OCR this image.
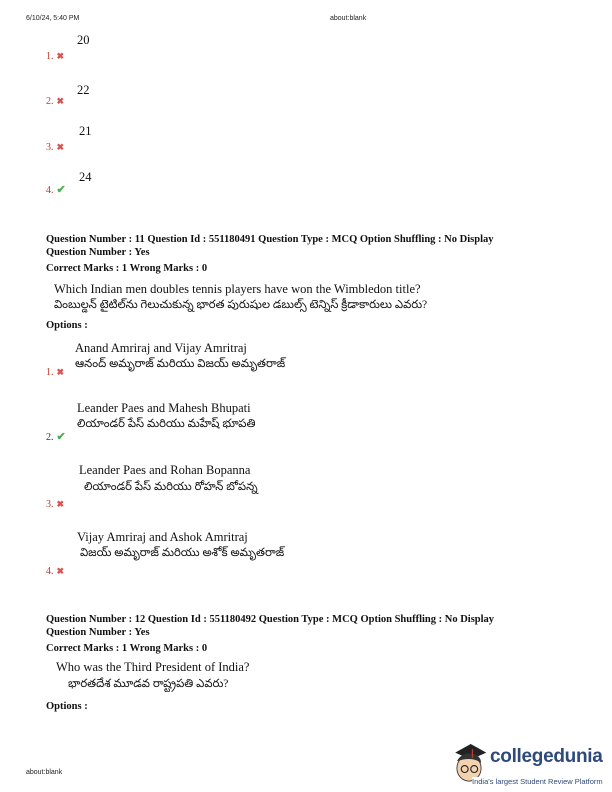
6/10/24, 5:40 PM	about:blank
20
1. ✖
22
2. ✖
21
3. ✖
24
4. ✔
Question Number : 11 Question Id : 551180491 Question Type : MCQ Option Shuffling : No Display
Question Number : Yes
Correct Marks : 1 Wrong Marks : 0
Which Indian men doubles tennis players have won the Wimbledon title?
వింబుల్డన్ టైటిల్‌ను గెలుచుకున్న భారత పురుషుల డబుల్స్ టెన్నిస్ క్రీడాకారులు ఎవరు?
Options :
Anand Amriraj and Vijay Amritraj
ఆనంద్ అమృరాజ్ మరియు విజయ్ అమృతరాజ్
1. ✖
Leander Paes and Mahesh Bhupati
లియాండర్ పేస్ మరియు మహేష్ భూపతి
2. ✔
Leander Paes and Rohan Bopanna
లియాండర్ పేస్ మరియు రోహన్ బోపన్న
3. ✖
Vijay Amriraj and Ashok Amritraj
విజయ్ అమృరాజ్ మరియు అశోక్ అమృతరాజ్
4. ✖
Question Number : 12 Question Id : 551180492 Question Type : MCQ Option Shuffling : No Display
Question Number : Yes
Correct Marks : 1 Wrong Marks : 0
Who was the Third President of India?
భారతదేశ మూడవ రాష్ట్రపతి ఎవరు?
Options :
about:blank
collegedunia
India's largest Student Review Platform
